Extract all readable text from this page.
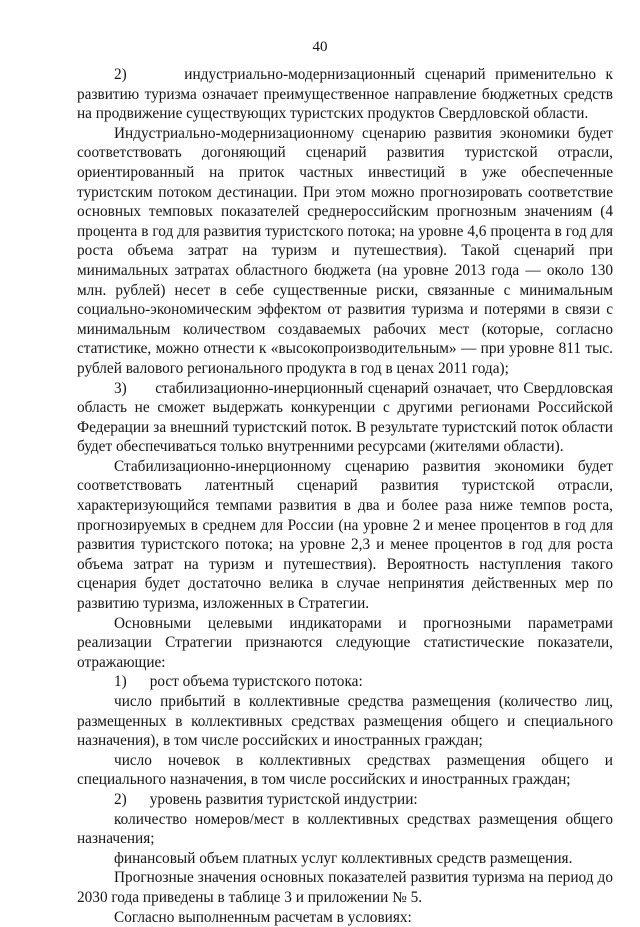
40

2)      индустриально-модернизационный сценарий применительно к развитию туризма означает преимущественное направление бюджетных средств на продвижение существующих туристских продуктов Свердловской области.

Индустриально-модернизационному сценарию развития экономики будет соответствовать догоняющий сценарий развития туристской отрасли, ориентированный на приток частных инвестиций в уже обеспеченные туристским потоком дестинации. При этом можно прогнозировать соответствие основных темповых показателей среднероссийским прогнозным значениям (4 процента в год для развития туристского потока; на уровне 4,6 процента в год для роста объема затрат на туризм и путешествия). Такой сценарий при минимальных затратах областного бюджета (на уровне 2013 года — около 130 млн. рублей) несет в себе существенные риски, связанные с минимальным социально-экономическим эффектом от развития туризма и потерями в связи с минимальным количеством создаваемых рабочих мест (которые, согласно статистике, можно отнести к «высокопроизводительным» — при уровне 811 тыс. рублей валового регионального продукта в год в ценах 2011 года);

3)      стабилизационно-инерционный сценарий означает, что Свердловская область не сможет выдержать конкуренции с другими регионами Российской Федерации за внешний туристский поток. В результате туристский поток области будет обеспечиваться только внутренними ресурсами (жителями области).

Стабилизационно-инерционному сценарию развития экономики будет соответствовать латентный сценарий развития туристской отрасли, характеризующийся темпами развития в два и более раза ниже темпов роста, прогнозируемых в среднем для России (на уровне 2 и менее процентов в год для развития туристского потока; на уровне 2,3 и менее процентов в год для роста объема затрат на туризм и путешествия). Вероятность наступления такого сценария будет достаточно велика в случае непринятия действенных мер по развитию туризма, изложенных в Стратегии.

Основными целевыми индикаторами и прогнозными параметрами реализации Стратегии признаются следующие статистические показатели, отражающие:

1)      рост объема туристского потока:

число прибытий в коллективные средства размещения (количество лиц, размещенных в коллективных средствах размещения общего и специального назначения), в том числе российских и иностранных граждан;

число ночевок в коллективных средствах размещения общего и специального назначения, в том числе российских и иностранных граждан;

2)      уровень развития туристской индустрии:

количество номеров/мест в коллективных средствах размещения общего назначения;

финансовый объем платных услуг коллективных средств размещения.

Прогнозные значения основных показателей развития туризма на период до 2030 года приведены в таблице 3 и приложении № 5.

Согласно выполненным расчетам в условиях:
